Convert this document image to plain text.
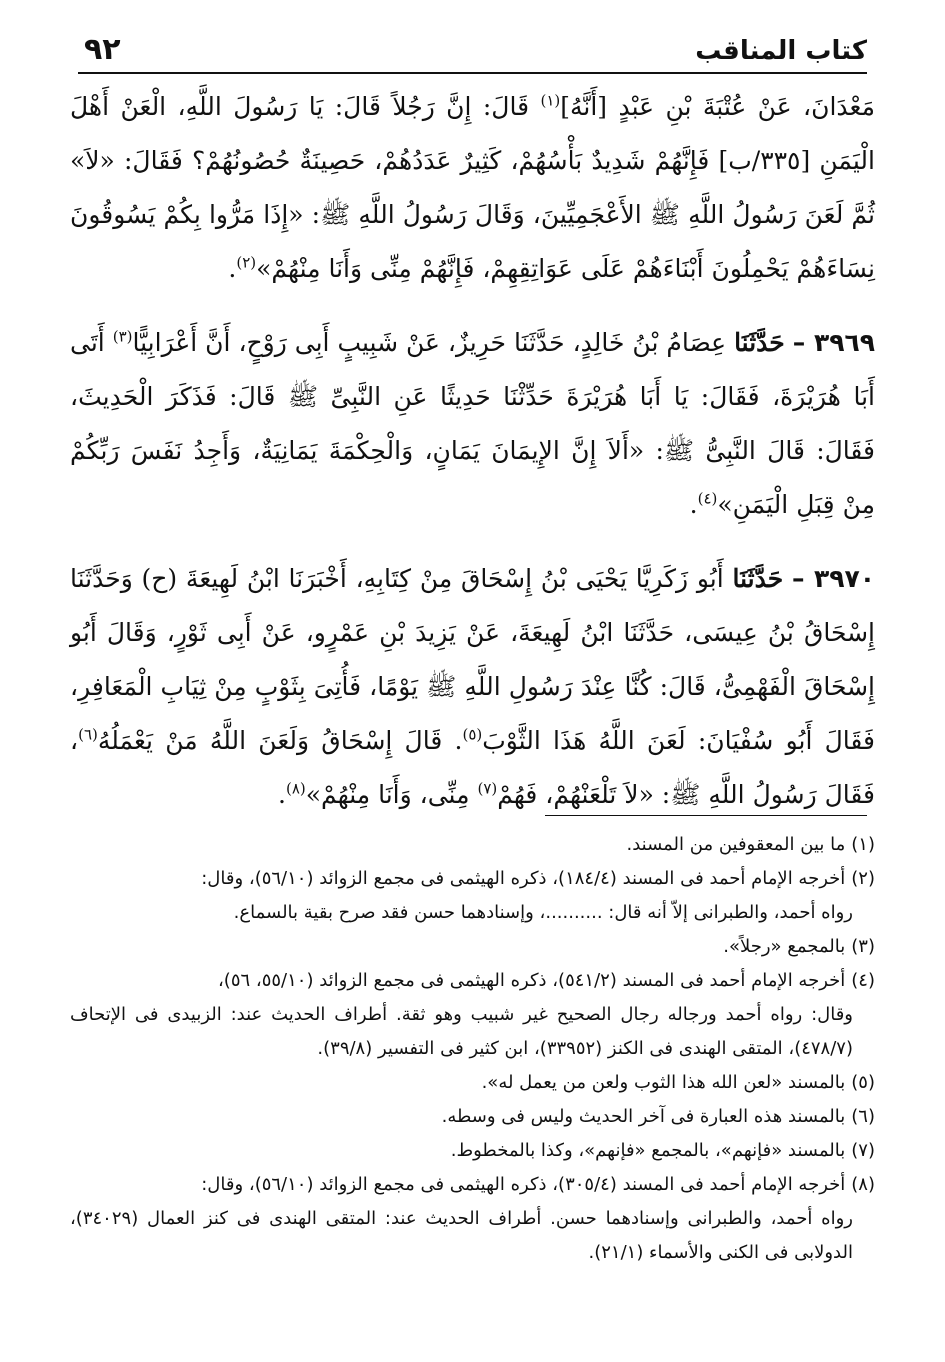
كتاب المناقب
٩٢

مَعْدَانَ، عَنْ عُتْبَةَ بْنِ عَبْدٍ [أَنَّهُ]$^{(١)}$ قَالَ: إِنَّ رَجُلاً قَالَ: يَا رَسُولَ اللَّهِ، الْعَنْ أَهْلَ الْيَمَنِ [٣٣٥/ب] فَإِنَّهُمْ شَدِيدٌ بَأْسُهُمْ، كَثِيرٌ عَدَدُهُمْ، حَصِينَةٌ حُصُونُهُمْ؟ فَقَالَ: «لاَ» ثُمَّ لَعَنَ رَسُولُ اللَّهِ ﷺ الأَعْجَمِيِّينَ، وَقَالَ رَسُولُ اللَّهِ ﷺ: «إِذَا مَرُّوا بِكُمْ يَسُوقُونَ نِسَاءَهُمْ يَحْمِلُونَ أَبْنَاءَهُمْ عَلَى عَوَاتِقِهِمْ، فَإِنَّهُمْ مِنِّى وَأَنَا مِنْهُمْ»$^{(٢)}$.

٣٩٦٩ – حَدَّثَنَا عِصَامُ بْنُ خَالِدٍ، حَدَّثَنَا حَرِيزٌ، عَنْ شَبِيبٍ أَبِى رَوْحٍ، أَنَّ أَعْرَابِيًّا$^{(٣)}$ أَتَى أَبَا هُرَيْرَةَ، فَقَالَ: يَا أَبَا هُرَيْرَةَ حَدِّثْنَا حَدِيثًا عَنِ النَّبِىِّ ﷺ قَالَ: فَذَكَرَ الْحَدِيثَ، فَقَالَ: قَالَ النَّبِىُّ ﷺ: «أَلاَ إِنَّ الإِيمَانَ يَمَانٍ، وَالْحِكْمَةَ يَمَانِيَةٌ، وَأَجِدُ نَفَسَ رَبِّكُمْ مِنْ قِبَلِ الْيَمَنِ»$^{(٤)}$.

٣٩٧٠ – حَدَّثَنَا أَبُو زَكَرِيَّا يَحْيَى بْنُ إِسْحَاقَ مِنْ كِتَابِهِ، أَخْبَرَنَا ابْنُ لَهِيعَةَ (ح) وَحَدَّثَنَا إِسْحَاقُ بْنُ عِيسَى، حَدَّثَنَا ابْنُ لَهِيعَةَ، عَنْ يَزِيدَ بْنِ عَمْرٍو، عَنْ أَبِى ثَوْرٍ، وَقَالَ أَبُو إِسْحَاقَ الْفَهْمِىُّ، قَالَ: كُنَّا عِنْدَ رَسُولِ اللَّهِ ﷺ يَوْمًا، فَأُتِىَ بِثَوْبٍ مِنْ ثِيَابِ الْمَعَافِرِ، فَقَالَ أَبُو سُفْيَانَ: لَعَنَ اللَّهُ هَذَا الثَّوْبَ$^{(٥)}$. قَالَ إِسْحَاقُ وَلَعَنَ اللَّهُ مَنْ يَعْمَلُهُ$^{(٦)}$، فَقَالَ رَسُولُ اللَّهِ ﷺ: «لاَ تَلْعَنْهُمْ، فَهُمْ$^{(٧)}$ مِنِّى، وَأَنَا مِنْهُمْ»$^{(٨)}$.

(١)ما بين المعقوفين من المسند.

(٢)أخرجه الإمام أحمد فى المسند (١٨٤/٤)، ذكره الهيثمى فى مجمع الزوائد (٥٦/١٠)، وقال:

رواه أحمد، والطبرانى إلاّ أنه قال: ..........، وإسنادهما حسن فقد صرح بقية بالسماع.

(٣)بالمجمع «رجلاً».

(٤)أخرجه الإمام أحمد فى المسند (٥٤١/٢)، ذكره الهيثمى فى مجمع الزوائد (٥٥/١٠، ٥٦)،

وقال: رواه أحمد ورجاله رجال الصحيح غير شبيب وهو ثقة. أطراف الحديث عند: الزبيدى فى الإتحاف (٤٧٨/٧)، المتقى الهندى فى الكنز (٣٣٩٥٢)، ابن كثير فى التفسير (٣٩/٨).

(٥)بالمسند «لعن الله هذا الثوب ولعن من يعمل له».

(٦)بالمسند هذه العبارة فى آخر الحديث وليس فى وسطه.

(٧)بالمسند «فإنهم»، بالمجمع «فإنهم»، وكذا بالمخطوط.

(٨)أخرجه الإمام أحمد فى المسند (٣٠٥/٤)، ذكره الهيثمى فى مجمع الزوائد (٥٦/١٠)، وقال:

رواه أحمد، والطبرانى وإسنادهما حسن. أطراف الحديث عند: المتقى الهندى فى كنز العمال (٣٤٠٢٩)، الدولابى فى الكنى والأسماء (٢١/١).
